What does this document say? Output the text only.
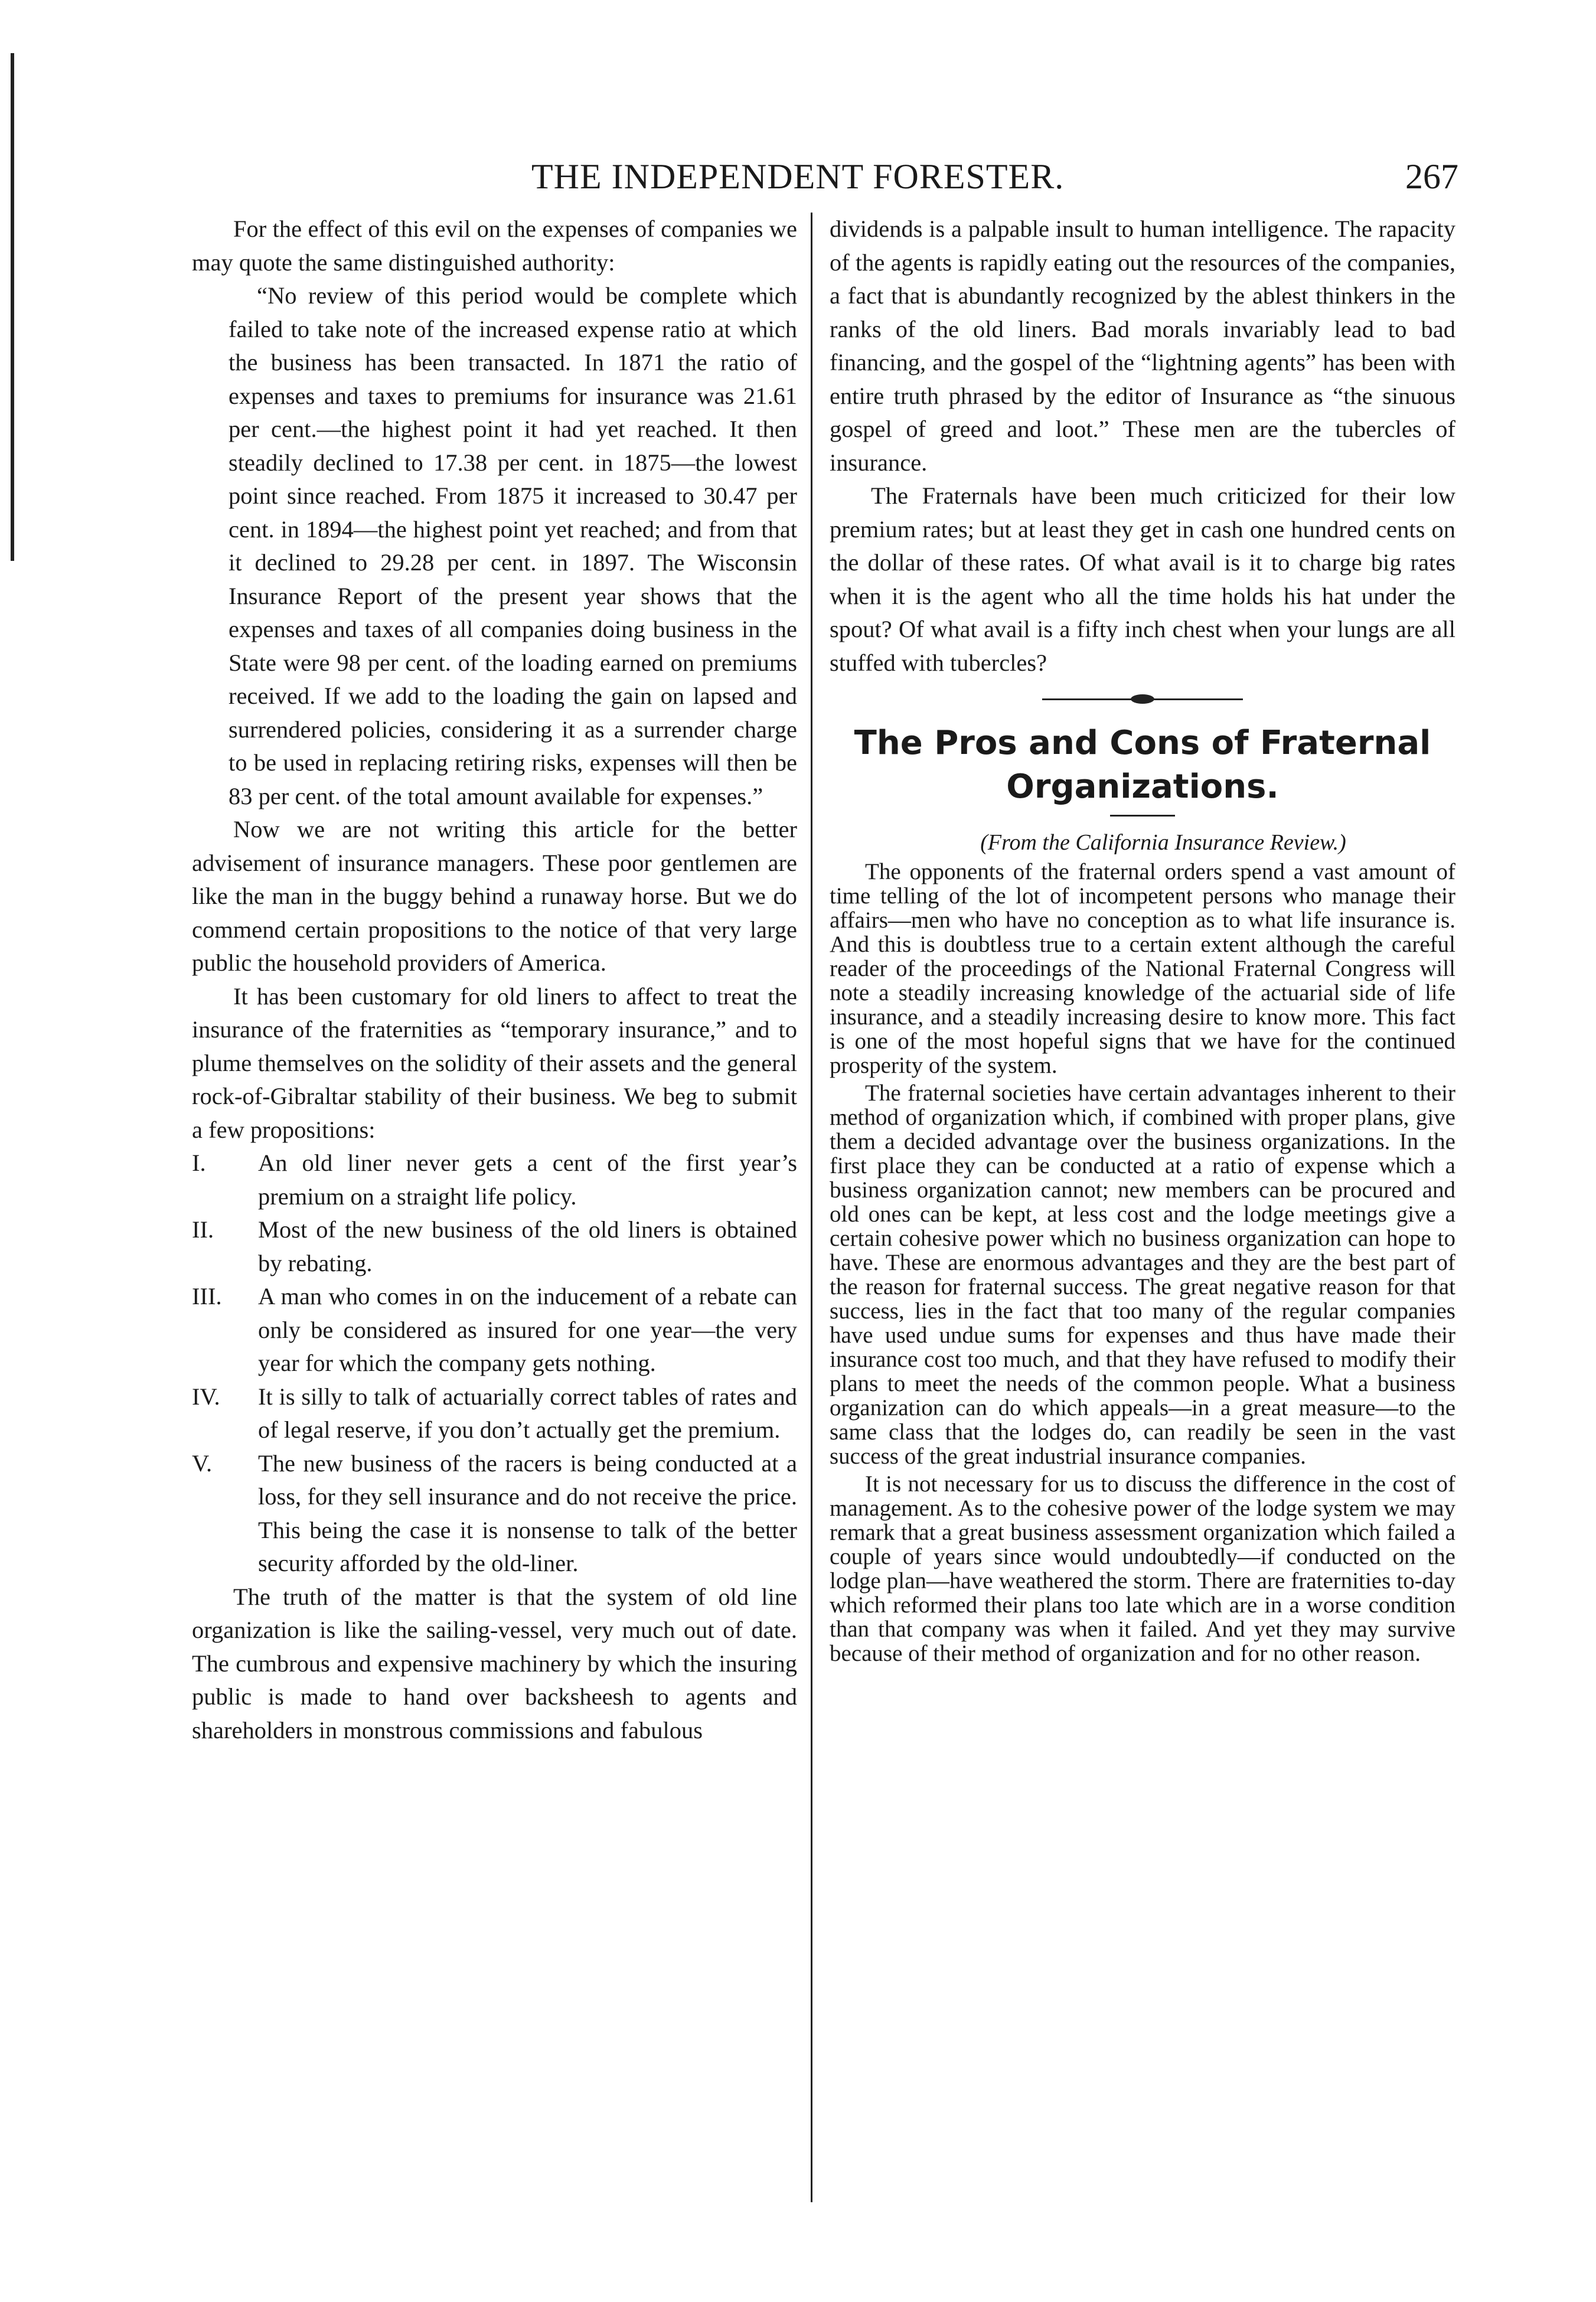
THE INDEPENDENT FORESTER.	267

For the effect of this evil on the expenses of companies we may quote the same distinguished authority:

“No review of this period would be complete which failed to take note of the increased expense ratio at which the business has been transacted. In 1871 the ratio of expenses and taxes to premiums for insurance was 21.61 per cent.—the highest point it had yet reached. It then steadily declined to 17.38 per cent. in 1875—the lowest point since reached. From 1875 it increased to 30.47 per cent. in 1894—the highest point yet reached; and from that it declined to 29.28 per cent. in 1897. The Wisconsin Insurance Report of the present year shows that the expenses and taxes of all companies doing business in the State were 98 per cent. of the loading earned on premiums received. If we add to the loading the gain on lapsed and surrendered policies, considering it as a surrender charge to be used in replacing retiring risks, expenses will then be 83 per cent. of the total amount available for expenses.”

Now we are not writing this article for the better advisement of insurance managers. These poor gentlemen are like the man in the buggy behind a runaway horse. But we do commend certain propositions to the notice of that very large public the household providers of America.

It has been customary for old liners to affect to treat the insurance of the fraternities as “temporary insurance,” and to plume themselves on the solidity of their assets and the general rock-of-Gibraltar stability of their business. We beg to submit a few propositions:

I. An old liner never gets a cent of the first year’s premium on a straight life policy.
II. Most of the new business of the old liners is obtained by rebating.
III. A man who comes in on the inducement of a rebate can only be considered as insured for one year—the very year for which the company gets nothing.
IV. It is silly to talk of actuarially correct tables of rates and of legal reserve, if you don’t actually get the premium.
V. The new business of the racers is being conducted at a loss, for they sell insurance and do not receive the price. This being the case it is nonsense to talk of the better security afforded by the old-liner.

The truth of the matter is that the system of old line organization is like the sailing-vessel, very much out of date. The cumbrous and expensive machinery by which the insuring public is made to hand over backsheesh to agents and shareholders in monstrous commissions and fabulous

dividends is a palpable insult to human intelligence. The rapacity of the agents is rapidly eating out the resources of the companies, a fact that is abundantly recognized by the ablest thinkers in the ranks of the old liners. Bad morals invariably lead to bad financing, and the gospel of the “lightning agents” has been with entire truth phrased by the editor of Insurance as “the sinuous gospel of greed and loot.” These men are the tubercles of insurance.

The Fraternals have been much criticized for their low premium rates; but at least they get in cash one hundred cents on the dollar of these rates. Of what avail is it to charge big rates when it is the agent who all the time holds his hat under the spout? Of what avail is a fifty inch chest when your lungs are all stuffed with tubercles?

The Pros and Cons of Fraternal Organizations.

(From the California Insurance Review.)

The opponents of the fraternal orders spend a vast amount of time telling of the lot of incompetent persons who manage their affairs—men who have no conception as to what life insurance is. And this is doubtless true to a certain extent although the careful reader of the proceedings of the National Fraternal Congress will note a steadily increasing knowledge of the actuarial side of life insurance, and a steadily increasing desire to know more. This fact is one of the most hopeful signs that we have for the continued prosperity of the system.

The fraternal societies have certain advantages inherent to their method of organization which, if combined with proper plans, give them a decided advantage over the business organizations. In the first place they can be conducted at a ratio of expense which a business organization cannot; new members can be procured and old ones can be kept, at less cost and the lodge meetings give a certain cohesive power which no business organization can hope to have. These are enormous advantages and they are the best part of the reason for fraternal success. The great negative reason for that success, lies in the fact that too many of the regular companies have used undue sums for expenses and thus have made their insurance cost too much, and that they have refused to modify their plans to meet the needs of the common people. What a business organization can do which appeals—in a great measure—to the same class that the lodges do, can readily be seen in the vast success of the great industrial insurance companies.

It is not necessary for us to discuss the difference in the cost of management. As to the cohesive power of the lodge system we may remark that a great business assessment organization which failed a couple of years since would undoubtedly—if conducted on the lodge plan—have weathered the storm. There are fraternities to-day which reformed their plans too late which are in a worse condition than that company was when it failed. And yet they may survive because of their method of organization and for no other reason.
